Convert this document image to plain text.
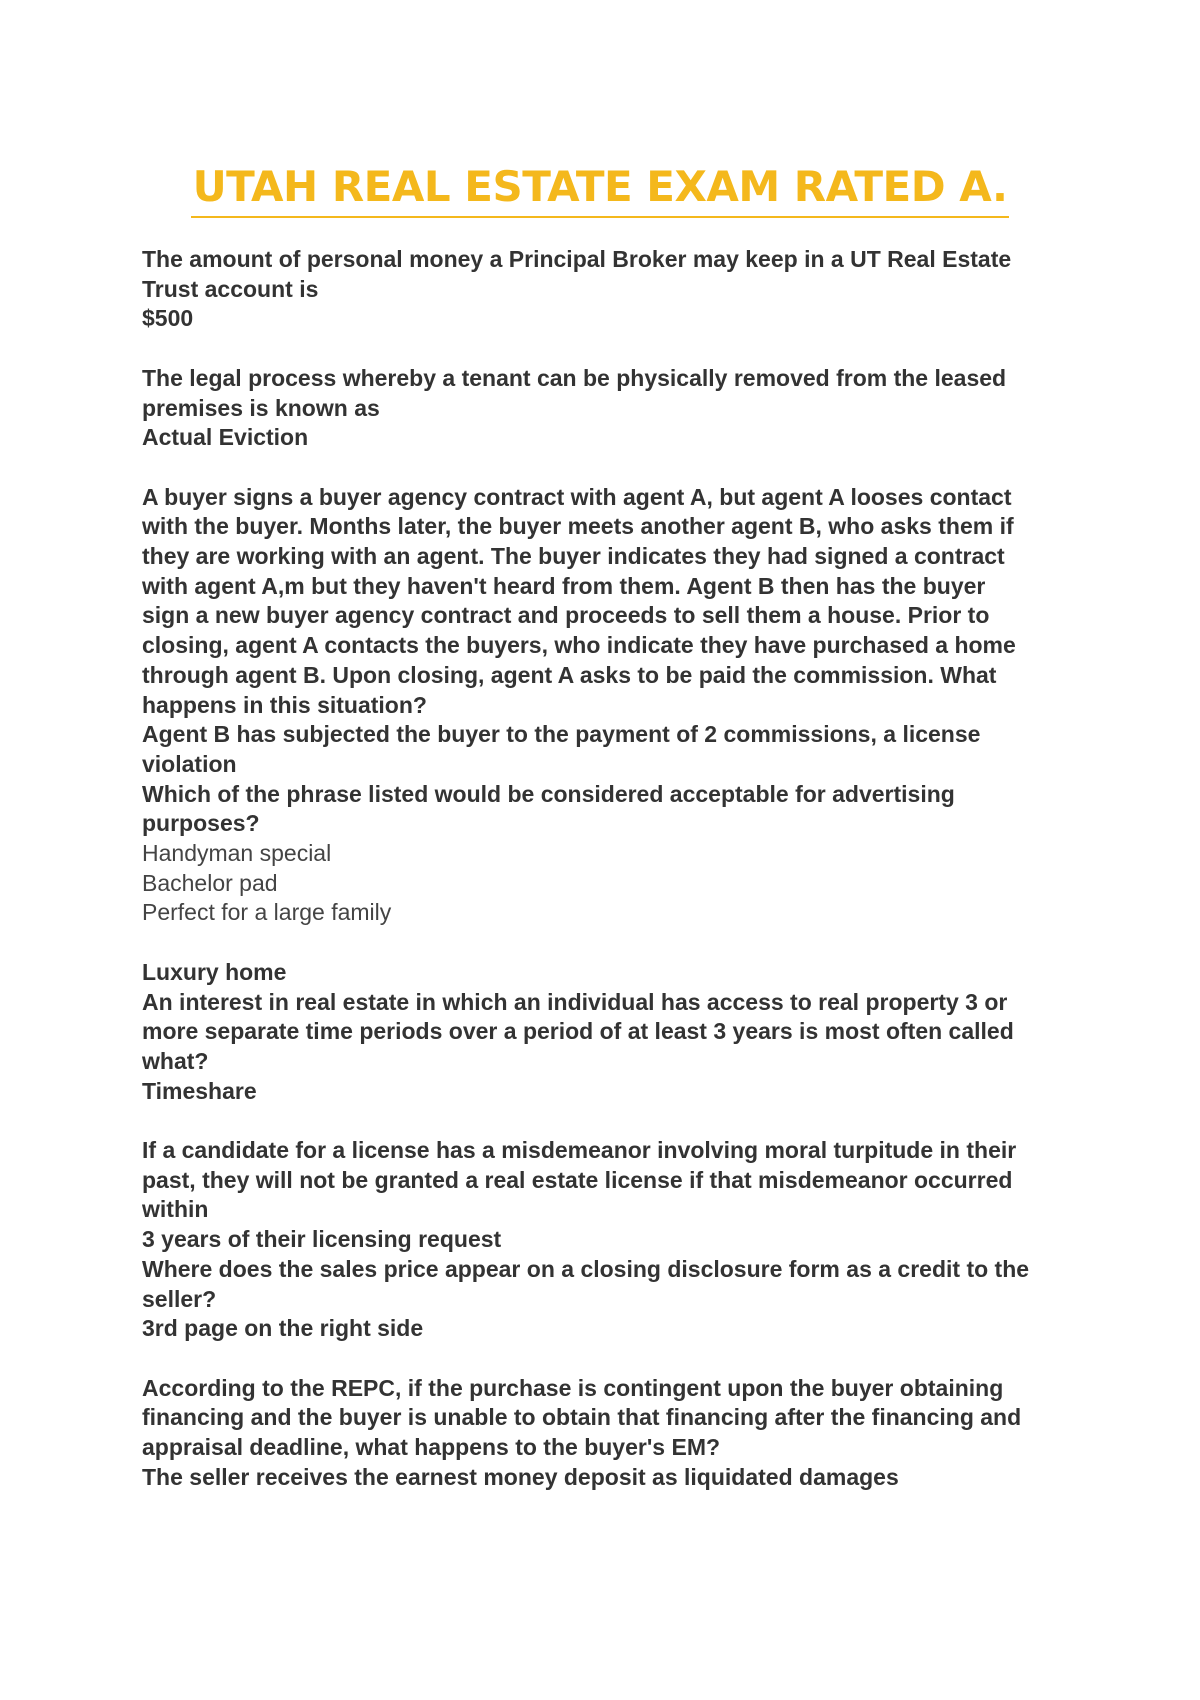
UTAH REAL ESTATE EXAM RATED A.

The amount of personal money a Principal Broker may keep in a UT Real Estate

Trust account is

$500

The legal process whereby a tenant can be physically removed from the leased

premises is known as

Actual Eviction

A buyer signs a buyer agency contract with agent A, but agent A looses contact

with the buyer. Months later, the buyer meets another agent B, who asks them if

they are working with an agent. The buyer indicates they had signed a contract

with agent A,m but they haven't heard from them. Agent B then has the buyer

sign a new buyer agency contract and proceeds to sell them a house. Prior to

closing, agent A contacts the buyers, who indicate they have purchased a home

through agent B. Upon closing, agent A asks to be paid the commission. What

happens in this situation?

Agent B has subjected the buyer to the payment of 2 commissions, a license

violation

Which of the phrase listed would be considered acceptable for advertising

purposes?

Handyman special

Bachelor pad

Perfect for a large family

Luxury home

An interest in real estate in which an individual has access to real property 3 or

more separate time periods over a period of at least 3 years is most often called

what?

Timeshare

If a candidate for a license has a misdemeanor involving moral turpitude in their

past, they will not be granted a real estate license if that misdemeanor occurred

within

3 years of their licensing request

Where does the sales price appear on a closing disclosure form as a credit to the

seller?

3rd page on the right side

According to the REPC, if the purchase is contingent upon the buyer obtaining

financing and the buyer is unable to obtain that financing after the financing and

appraisal deadline, what happens to the buyer's EM?

The seller receives the earnest money deposit as liquidated damages
